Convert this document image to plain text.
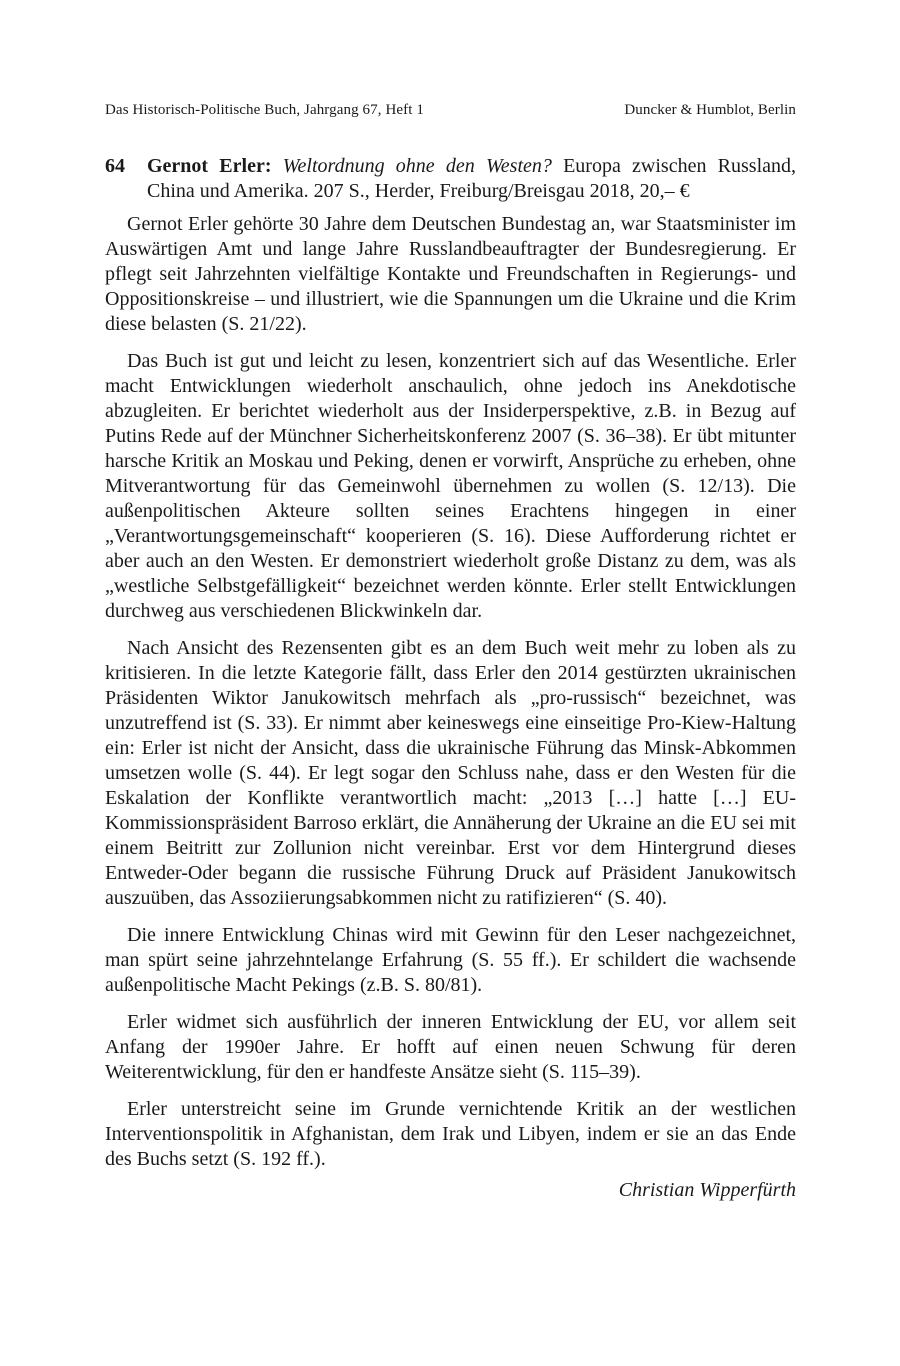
Das Historisch-Politische Buch, Jahrgang 67, Heft 1	Duncker & Humblot, Berlin
64 Gernot Erler: Weltordnung ohne den Westen? Europa zwischen Russland, China und Amerika. 207 S., Herder, Freiburg/Breisgau 2018, 20,– €

Gernot Erler gehörte 30 Jahre dem Deutschen Bundestag an, war Staatsminister im Auswärtigen Amt und lange Jahre Russlandbeauftragter der Bundesregierung. Er pflegt seit Jahrzehnten vielfältige Kontakte und Freundschaften in Regierungs- und Oppositionskreise – und illustriert, wie die Spannungen um die Ukraine und die Krim diese belasten (S. 21/22).

Das Buch ist gut und leicht zu lesen, konzentriert sich auf das Wesentliche. Erler macht Entwicklungen wiederholt anschaulich, ohne jedoch ins Anekdotische abzugleiten. Er berichtet wiederholt aus der Insiderperspektive, z.B. in Bezug auf Putins Rede auf der Münchner Sicherheitskonferenz 2007 (S. 36–38). Er übt mitunter harsche Kritik an Moskau und Peking, denen er vorwirft, Ansprüche zu erheben, ohne Mitverantwortung für das Gemeinwohl übernehmen zu wollen (S. 12/13). Die außenpolitischen Akteure sollten seines Erachtens hingegen in einer „Verantwortungsgemeinschaft“ kooperieren (S. 16). Diese Aufforderung richtet er aber auch an den Westen. Er demonstriert wiederholt große Distanz zu dem, was als „westliche Selbstgefälligkeit“ bezeichnet werden könnte. Erler stellt Entwicklungen durchweg aus verschiedenen Blickwinkeln dar.

Nach Ansicht des Rezensenten gibt es an dem Buch weit mehr zu loben als zu kritisieren. In die letzte Kategorie fällt, dass Erler den 2014 gestürzten ukrainischen Präsidenten Wiktor Janukowitsch mehrfach als „pro-russisch“ bezeichnet, was unzutreffend ist (S. 33). Er nimmt aber keineswegs eine einseitige Pro-Kiew-Haltung ein: Erler ist nicht der Ansicht, dass die ukrainische Führung das Minsk-Abkommen umsetzen wolle (S. 44). Er legt sogar den Schluss nahe, dass er den Westen für die Eskalation der Konflikte verantwortlich macht: „2013 […] hatte […] EU-Kommissionspräsident Barroso erklärt, die Annäherung der Ukraine an die EU sei mit einem Beitritt zur Zollunion nicht vereinbar. Erst vor dem Hintergrund dieses Entweder-Oder begann die russische Führung Druck auf Präsident Janukowitsch auszuüben, das Assoziierungsabkommen nicht zu ratifizieren“ (S. 40).

Die innere Entwicklung Chinas wird mit Gewinn für den Leser nachgezeichnet, man spürt seine jahrzehntelange Erfahrung (S. 55 ff.). Er schildert die wachsende außenpolitische Macht Pekings (z.B. S. 80/81).

Erler widmet sich ausführlich der inneren Entwicklung der EU, vor allem seit Anfang der 1990er Jahre. Er hofft auf einen neuen Schwung für deren Weiterentwicklung, für den er handfeste Ansätze sieht (S. 115–39).

Erler unterstreicht seine im Grunde vernichtende Kritik an der westlichen Interventionspolitik in Afghanistan, dem Irak und Libyen, indem er sie an das Ende des Buchs setzt (S. 192 ff.).

Christian Wipperfürth
